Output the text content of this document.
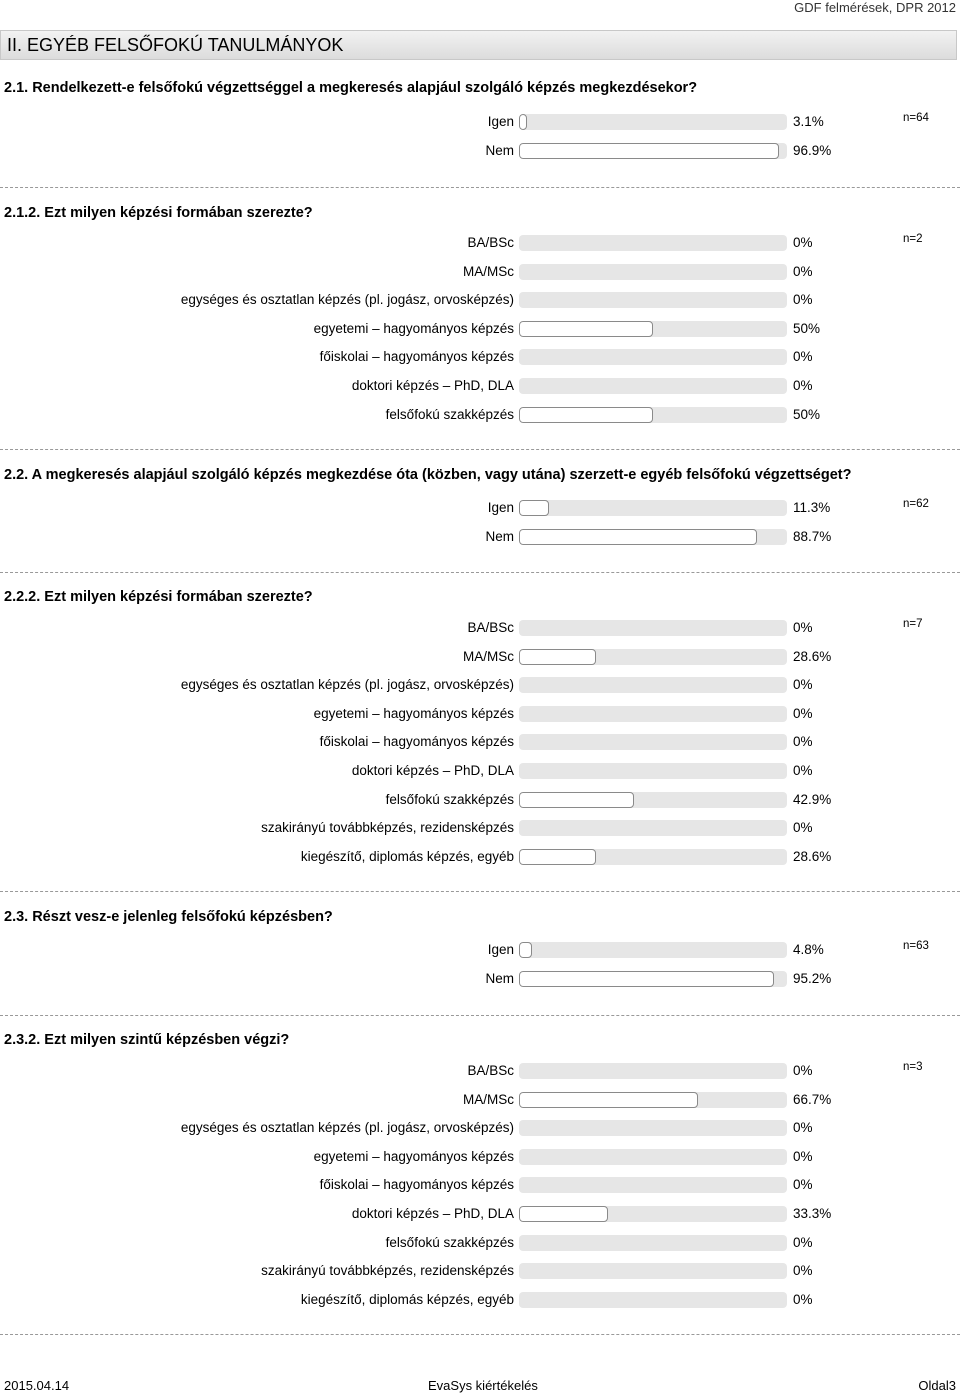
GDF felmérések, DPR 2012
II. EGYÉB FELSŐFOKÚ TANULMÁNYOK
2.1. Rendelkezett-e felsőfokú végzettséggel a megkeresés alapjául szolgáló képzés megkezdésekor?
n=64
Igen	3.1%
Nem	96.9%
2.1.2. Ezt milyen képzési formában szerezte?
n=2
BA/BSc	0%
MA/MSc	0%
egységes és osztatlan képzés (pl. jogász, orvosképzés)	0%
egyetemi – hagyományos képzés	50%
főiskolai – hagyományos képzés	0%
doktori képzés – PhD, DLA	0%
felsőfokú szakképzés	50%
2.2. A megkeresés alapjául szolgáló képzés megkezdése óta (közben, vagy utána) szerzett-e egyéb felsőfokú végzettséget?
n=62
Igen	11.3%
Nem	88.7%
2.2.2. Ezt milyen képzési formában szerezte?
n=7
BA/BSc	0%
MA/MSc	28.6%
egységes és osztatlan képzés (pl. jogász, orvosképzés)	0%
egyetemi – hagyományos képzés	0%
főiskolai – hagyományos képzés	0%
doktori képzés – PhD, DLA	0%
felsőfokú szakképzés	42.9%
szakirányú továbbképzés, rezidensképzés	0%
kiegészítő, diplomás képzés, egyéb	28.6%
2.3. Részt vesz-e jelenleg felsőfokú képzésben?
n=63
Igen	4.8%
Nem	95.2%
2.3.2. Ezt milyen szintű képzésben végzi?
n=3
BA/BSc	0%
MA/MSc	66.7%
egységes és osztatlan képzés (pl. jogász, orvosképzés)	0%
egyetemi – hagyományos képzés	0%
főiskolai – hagyományos képzés	0%
doktori képzés – PhD, DLA	33.3%
felsőfokú szakképzés	0%
szakirányú továbbképzés, rezidensképzés	0%
kiegészítő, diplomás képzés, egyéb	0%
2015.04.14	EvaSys kiértékelés	Oldal3
